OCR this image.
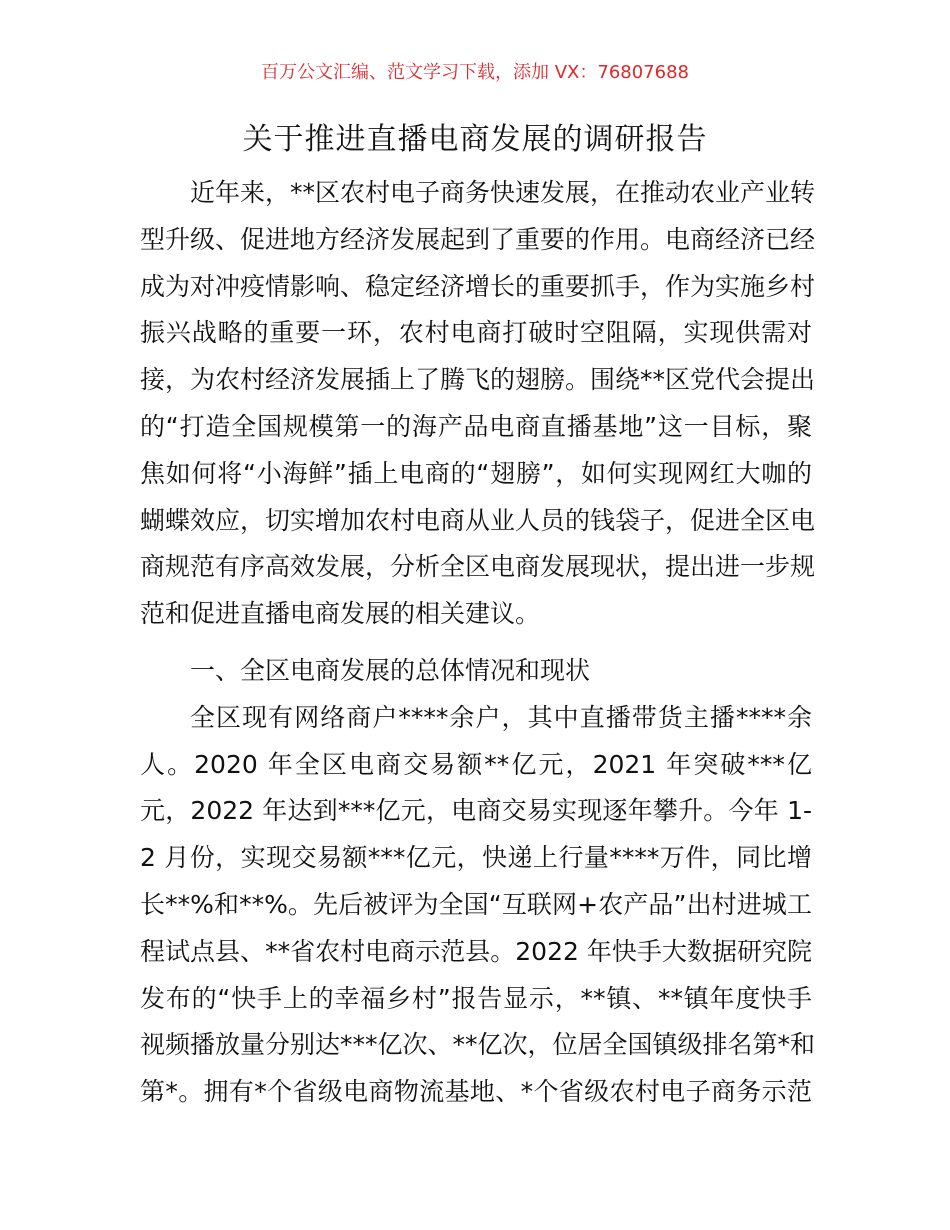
百万公文汇编、范文学习下载，添加 VX：76807688
关于推进直播电商发展的调研报告
近年来，**区农村电子商务快速发展，在推动农业产业转
型升级、促进地方经济发展起到了重要的作用。电商经济已经
成为对冲疫情影响、稳定经济增长的重要抓手，作为实施乡村
振兴战略的重要一环，农村电商打破时空阻隔，实现供需对
接，为农村经济发展插上了腾飞的翅膀。围绕**区党代会提出
的“打造全国规模第一的海产品电商直播基地”这一目标，聚
焦如何将“小海鲜”插上电商的“翅膀”，如何实现网红大咖的
蝴蝶效应，切实增加农村电商从业人员的钱袋子，促进全区电
商规范有序高效发展，分析全区电商发展现状，提出进一步规
范和促进直播电商发展的相关建议。
一、全区电商发展的总体情况和现状
全区现有网络商户****余户，其中直播带货主播****余
人。2020 年全区电商交易额**亿元，2021 年突破***亿
元，2022 年达到***亿元，电商交易实现逐年攀升。今年 1-
2 月份，实现交易额***亿元，快递上行量****万件，同比增
长**%和**%。先后被评为全国“互联网+农产品”出村进城工
程试点县、**省农村电商示范县。2022 年快手大数据研究院
发布的“快手上的幸福乡村”报告显示，**镇、**镇年度快手
视频播放量分别达***亿次、**亿次，位居全国镇级排名第*和
第*。拥有*个省级电商物流基地、*个省级农村电子商务示范
